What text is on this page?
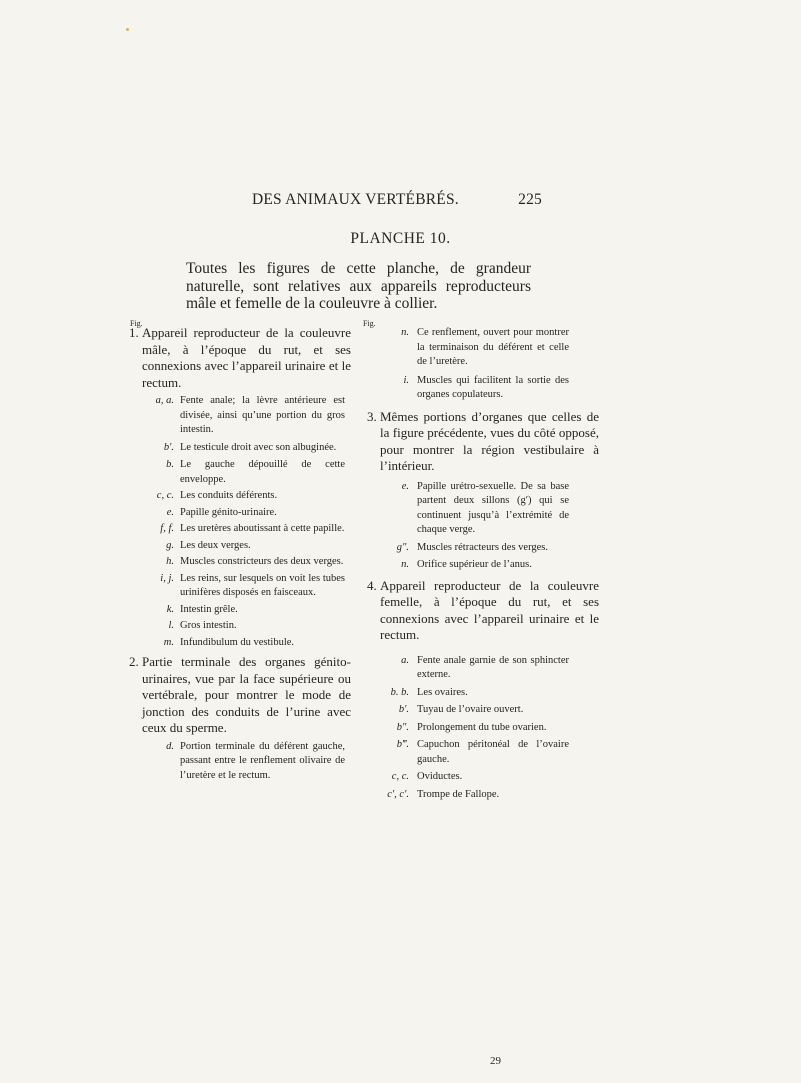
DES ANIMAUX VERTÉBRÉS.	225
PLANCHE 10.
Toutes les figures de cette planche, de grandeur naturelle, sont relatives aux appareils reproducteurs mâle et femelle de la couleuvre à collier.
Fig.
1. Appareil reproducteur de la couleuvre mâle, à l’époque du rut, et ses connexions avec l’appareil urinaire et le rectum.
a, a. Fente anale; la lèvre antérieure est divisée, ainsi qu’une portion du gros intestin.
b′. Le testicule droit avec son albuginée.
b. Le gauche dépouillé de cette enveloppe.
c, c. Les conduits déférents.
e. Papille génito-urinaire.
f, f. Les uretères aboutissant à cette papille.
g. Les deux verges.
h. Muscles constricteurs des deux verges.
i, j. Les reins, sur lesquels on voit les tubes urinifères disposés en faisceaux.
k. Intestin grêle.
l. Gros intestin.
m. Infundibulum du vestibule.
2. Partie terminale des organes génito-urinaires, vue par la face supérieure ou vertébrale, pour montrer le mode de jonction des conduits de l’urine avec ceux du sperme.
d. Portion terminale du déférent gauche, passant entre le renflement olivaire de l’uretère et le rectum.
Fig.
n. Ce renflement, ouvert pour montrer la terminaison du déférent et celle de l’uretère.
i. Muscles qui facilitent la sortie des organes copulateurs.
3. Mêmes portions d’organes que celles de la figure précédente, vues du côté opposé, pour montrer la région vestibulaire à l’intérieur.
e. Papille urétro-sexuelle. De sa base partent deux sillons (g′) qui se continuent jusqu’à l’extrémité de chaque verge.
g″. Muscles rétracteurs des verges.
n. Orifice supérieur de l’anus.
4. Appareil reproducteur de la couleuvre femelle, à l’époque du rut, et ses connexions avec l’appareil urinaire et le rectum.
a. Fente anale garnie de son sphincter externe.
b. b. Les ovaires.
b′. Tuyau de l’ovaire ouvert.
b″. Prolongement du tube ovarien.
b‴. Capuchon péritonéal de l’ovaire gauche.
c, c. Oviductes.
c′, c′. Trompe de Fallope.
29
